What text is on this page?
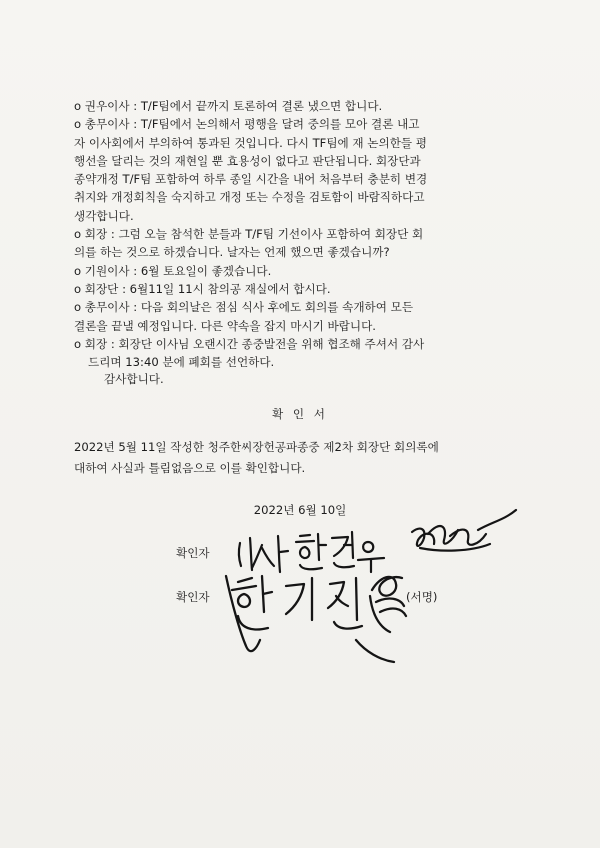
o 권우이사 : T/F팀에서 끝까지 토론하여 결론 냈으면 합니다.
o 총무이사 : T/F팀에서 논의해서 평행을 달려 중의를 모아 결론 내고
자 이사회에서 부의하여 통과된 것입니다. 다시 TF팀에 재 논의한들 평
행선을 달리는 것의 재현일 뿐 효용성이 없다고 판단됩니다. 회장단과
종약개정 T/F팀 포함하여 하루 종일 시간을 내어 처음부터 충분히 변경
취지와 개정회칙을 숙지하고 개정 또는 수정을 검토함이 바람직하다고
생각합니다.
o 회장 : 그럼 오늘 참석한 분들과 T/F팀 기선이사 포함하여 회장단 회
의를 하는 것으로 하겠습니다. 날자는 언제 했으면 좋겠습니까?
o 기원이사 : 6월 토요일이 좋겠습니다.
o 회장단 : 6월11일 11시 참의공 재실에서 합시다.
o 총무이사 : 다음 회의날은 점심 식사 후에도 회의를 속개하여 모든
결론을 끝낼 예정입니다. 다른 약속을 잡지 마시기 바랍니다.
o 회장 : 회장단 이사님 오랜시간 종중발전을 위해 협조해 주셔서 감사
드리며 13:40 분에 폐회를 선언하다.
감사합니다.
확 인 서
2022년 5월 11일 작성한 청주한씨장헌공파종중 제2차 회장단 회의록에
대하여 사실과 틀림없음으로 이를 확인합니다.
2022년 6월 10일
확인자
확인자	(서명)
